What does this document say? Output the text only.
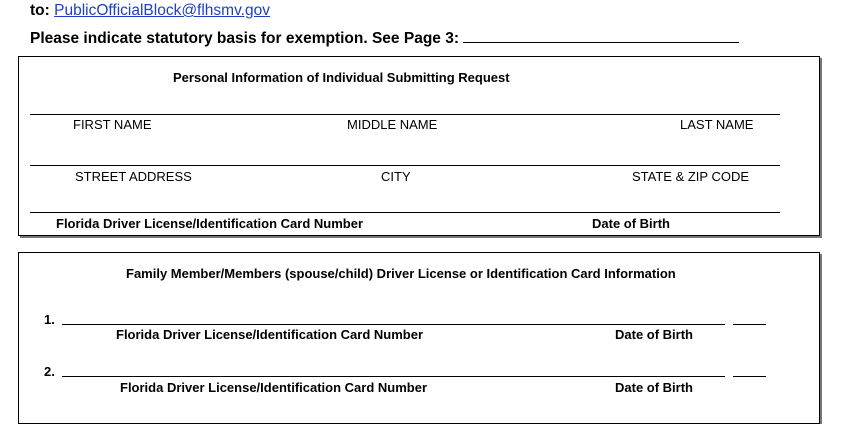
to: PublicOfficialBlock@flhsmv.gov
Please indicate statutory basis for exemption. See Page 3:
Personal Information of Individual Submitting Request
FIRST NAME	MIDDLE NAME	LAST NAME
STREET ADDRESS	CITY	STATE & ZIP CODE
Florida Driver License/Identification Card Number	Date of Birth
Family Member/Members (spouse/child) Driver License or Identification Card Information
1.
Florida Driver License/Identification Card Number	Date of Birth
2.
Florida Driver License/Identification Card Number	Date of Birth
